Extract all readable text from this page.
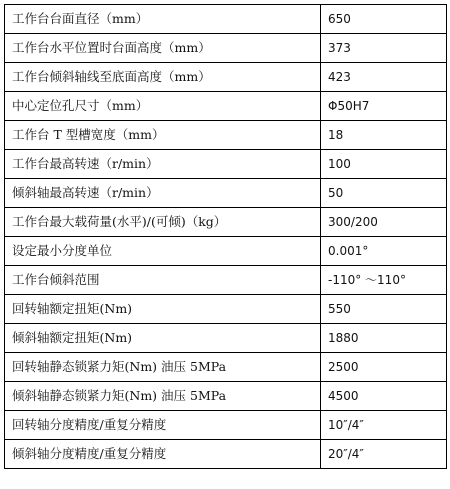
工作台台面直径（mm）	650
工作台水平位置时台面高度（mm）	373
工作台倾斜轴线至底面高度（mm）	423
中心定位孔尺寸（mm）	Φ50H7
工作台 T 型槽宽度（mm）	18
工作台最高转速（r/min）	100
倾斜轴最高转速（r/min）	50
工作台最大载荷量(水平)/(可倾)（kg）	300/200
设定最小分度单位	0.001°
工作台倾斜范围	-110° ～110°
回转轴额定扭矩(Nm)	550
倾斜轴额定扭矩(Nm)	1880
回转轴静态锁紧力矩(Nm) 油压 5MPa	2500
倾斜轴静态锁紧力矩(Nm) 油压 5MPa	4500
回转轴分度精度/重复分精度	10″/4″
倾斜轴分度精度/重复分精度	20″/4″
